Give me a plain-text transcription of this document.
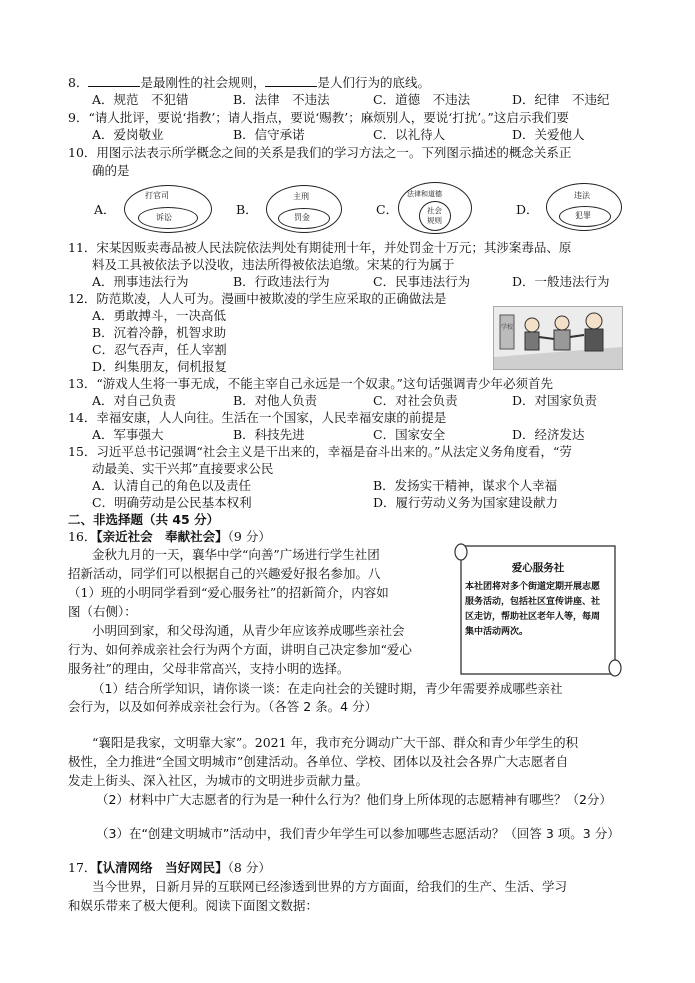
8．	是最刚性的社会规则，	是人们行为的底线。
A．规范　不犯错	B．法律　不违法	C．道德　不违法	D．纪律　不违纪
9．“请人批评，要说‘指教’；请人指点，要说‘赐教’；麻烦别人，要说‘打扰’。”这启示我们要
A．爱岗敬业	B．信守承诺	C．以礼待人	D．关爱他人
10．用图示法表示所学概念之间的关系是我们的学习方法之一。下列图示描述的概念关系正
确的是
A．
打官司
诉讼
B．
主刑
罚金
C．
法律和道德
社会
规则
D．
违法
犯罪
11．宋某因贩卖毒品被人民法院依法判处有期徒刑十年，并处罚金十万元；其涉案毒品、原
料及工具被依法予以没收，违法所得被依法追缴。宋某的行为属于
A．刑事违法行为	B．行政违法行为	C．民事违法行为	D．一般违法行为
12．防范欺凌，人人可为。漫画中被欺凌的学生应采取的正确做法是
A．勇敢搏斗，一决高低
B．沉着冷静，机智求助
C．忍气吞声，任人宰割
D．纠集朋友，伺机报复
学校
13．“游戏人生将一事无成，不能主宰自己永远是一个奴隶。”这句话强调青少年必须首先
A．对自己负责	B．对他人负责	C．对社会负责	D．对国家负责
14．幸福安康，人人向往。生活在一个国家，人民幸福安康的前提是
A．军事强大	B．科技先进	C．国家安全	D．经济发达
15．习近平总书记强调“社会主义是干出来的，幸福是奋斗出来的。”从法定义务角度看，“劳
动最美、实干兴邦”直接要求公民
A．认清自己的角色以及责任	B．发扬实干精神，谋求个人幸福
C．明确劳动是公民基本权利	D．履行劳动义务为国家建设献力
二、非选择题（共 45 分）
16．【亲近社会　奉献社会】（9 分）
金秋九月的一天，襄华中学“向善”广场进行学生社团
招新活动，同学们可以根据自己的兴趣爱好报名参加。八
（1）班的小明同学看到“爱心服务社”的招新简介，内容如
图（右侧）：
小明回到家，和父母沟通，从青少年应该养成哪些亲社会
行为、如何养成亲社会行为两个方面，讲明自己决定参加“爱心
服务社”的理由，父母非常高兴，支持小明的选择。
爱心服务社
本社团将对多个街道定期开展志愿服务活动，包括社区宣传讲座、社区走访，帮助社区老年人等，每周集中活动两次。
（1）结合所学知识，请你谈一谈：在走向社会的关键时期，青少年需要养成哪些亲社
会行为，以及如何养成亲社会行为。（各答 2 条。4 分）
“襄阳是我家，文明靠大家”。2021 年，我市充分调动广大干部、群众和青少年学生的积
极性，全力推进“全国文明城市”创建活动。各单位、学校、团体以及社会各界广大志愿者自
发走上街头、深入社区，为城市的文明进步贡献力量。
（2）材料中广大志愿者的行为是一种什么行为？他们身上所体现的志愿精神有哪些？（2分）
（3）在“创建文明城市”活动中，我们青少年学生可以参加哪些志愿活动？（回答 3 项。3 分）
17．【认清网络　当好网民】（8 分）
当今世界，日新月异的互联网已经渗透到世界的方方面面，给我们的生产、生活、学习
和娱乐带来了极大便利。阅读下面图文数据：
